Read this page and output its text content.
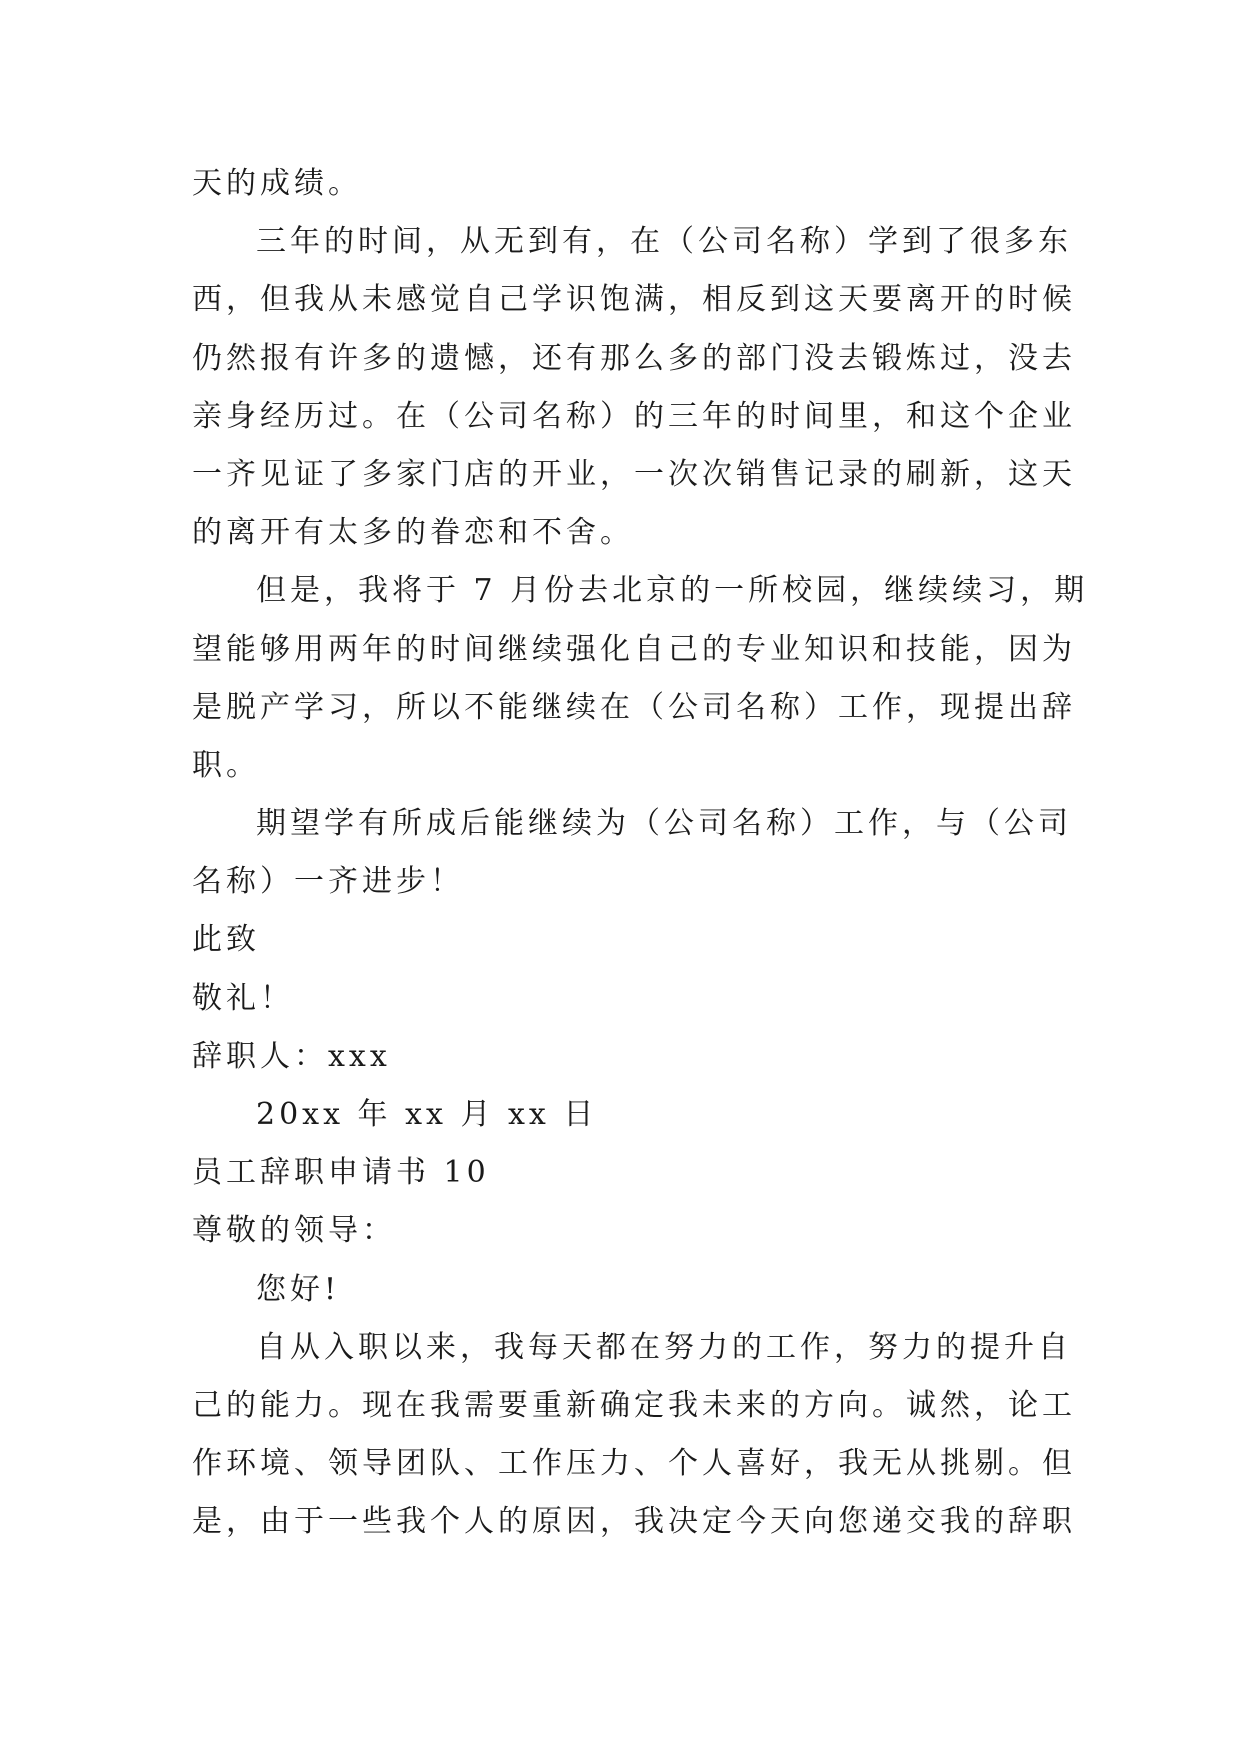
天的成绩。
三年的时间，从无到有，在（公司名称）学到了很多东
西，但我从未感觉自己学识饱满，相反到这天要离开的时候
仍然报有许多的遗憾，还有那么多的部门没去锻炼过，没去
亲身经历过。在（公司名称）的三年的时间里，和这个企业
一齐见证了多家门店的开业，一次次销售记录的刷新，这天
的离开有太多的眷恋和不舍。
但是，我将于 7 月份去北京的一所校园，继续续习，期
望能够用两年的时间继续强化自己的专业知识和技能，因为
是脱产学习，所以不能继续在（公司名称）工作，现提出辞
职。
期望学有所成后能继续为（公司名称）工作，与（公司
名称）一齐进步！
此致
敬礼！
辞职人：xxx
20xx 年 xx 月 xx 日
员工辞职申请书 10
尊敬的领导：
您好!
自从入职以来，我每天都在努力的工作，努力的提升自
己的能力。现在我需要重新确定我未来的方向。诚然，论工
作环境、领导团队、工作压力、个人喜好，我无从挑剔。但
是，由于一些我个人的原因，我决定今天向您递交我的辞职
